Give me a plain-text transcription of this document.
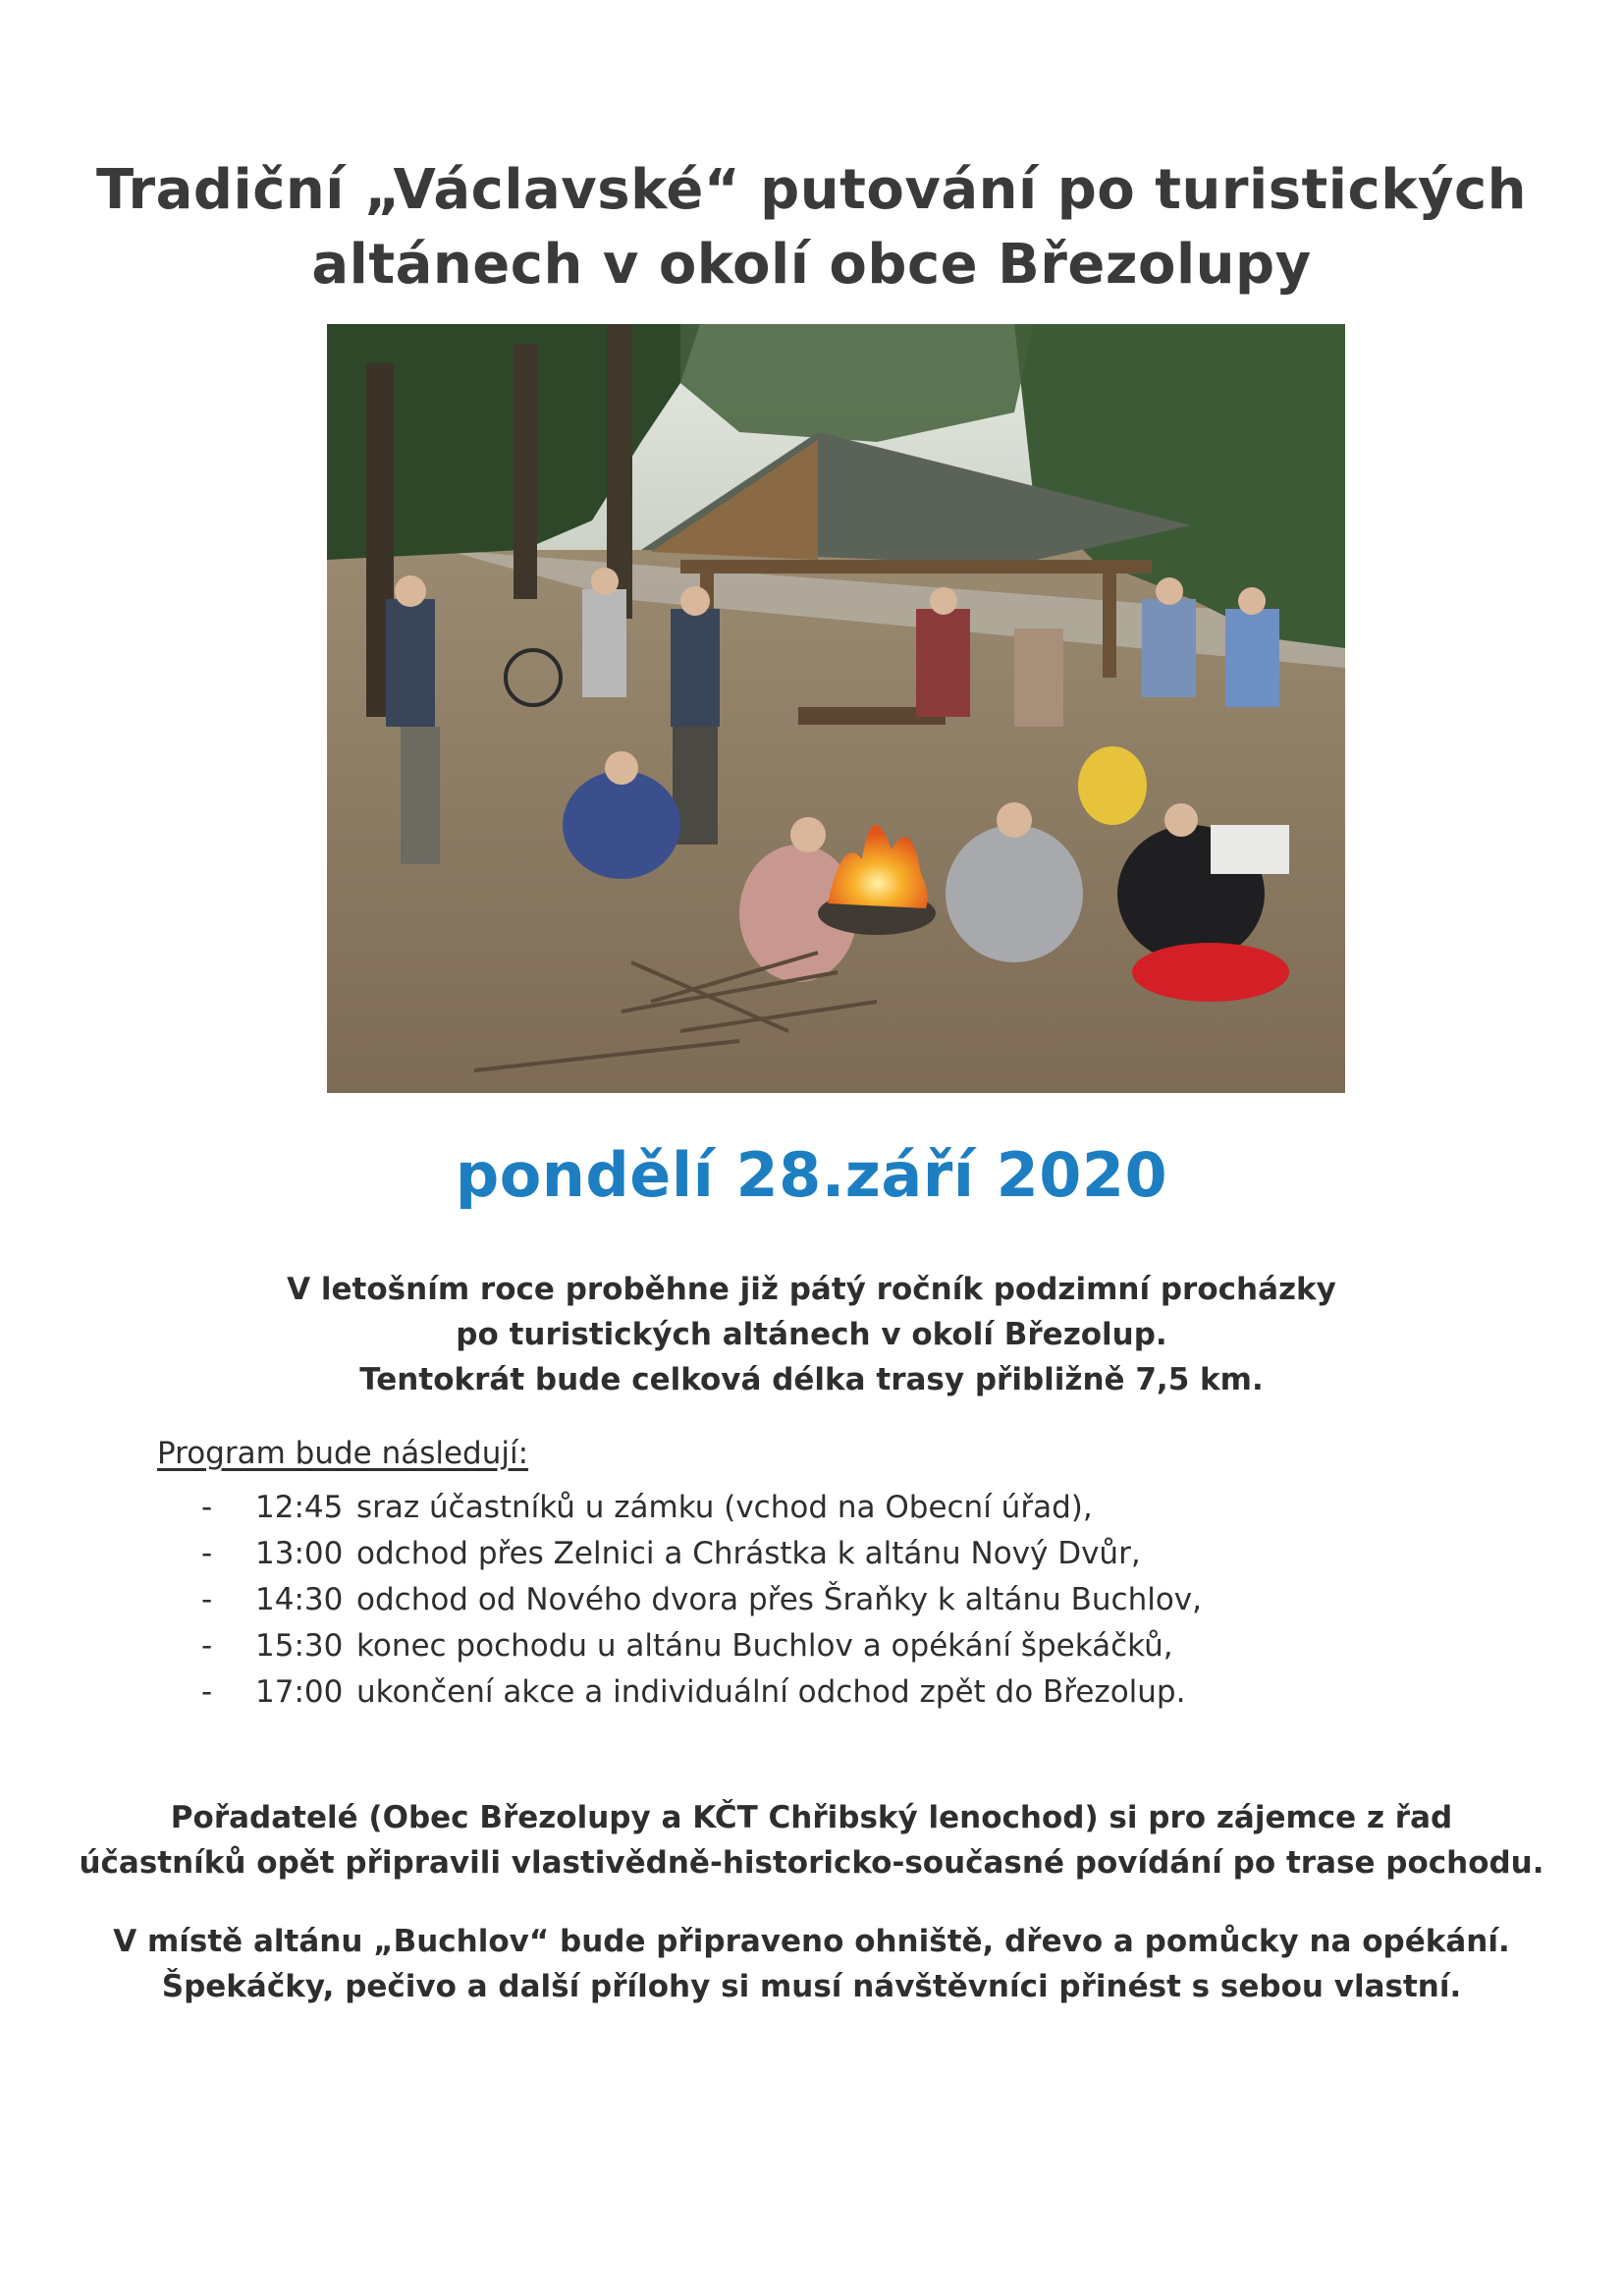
Tradiční „Václavské“ putování po turistických
altánech v okolí obce Březolupy
pondělí 28.září 2020
V letošním roce proběhne již pátý ročník podzimní procházky
po turistických altánech v okolí Březolup.
Tentokrát bude celková délka trasy přibližně 7,5 km.
Program bude následují:
-	12:45 sraz účastníků u zámku (vchod na Obecní úřad),
-	13:00 odchod přes Zelnici a Chrástka k altánu Nový Dvůr,
-	14:30 odchod od Nového dvora přes Šraňky k altánu Buchlov,
-	15:30 konec pochodu u altánu Buchlov a opékání špekáčků,
-	17:00 ukončení akce a individuální odchod zpět do Březolup.
Pořadatelé (Obec Březolupy a KČT Chřibský lenochod) si pro zájemce z řad
účastníků opět připravili vlastivědně-historicko-současné povídání po trase pochodu.
V místě altánu „Buchlov“ bude připraveno ohniště, dřevo a pomůcky na opékání.
Špekáčky, pečivo a další přílohy si musí návštěvníci přinést s sebou vlastní.
